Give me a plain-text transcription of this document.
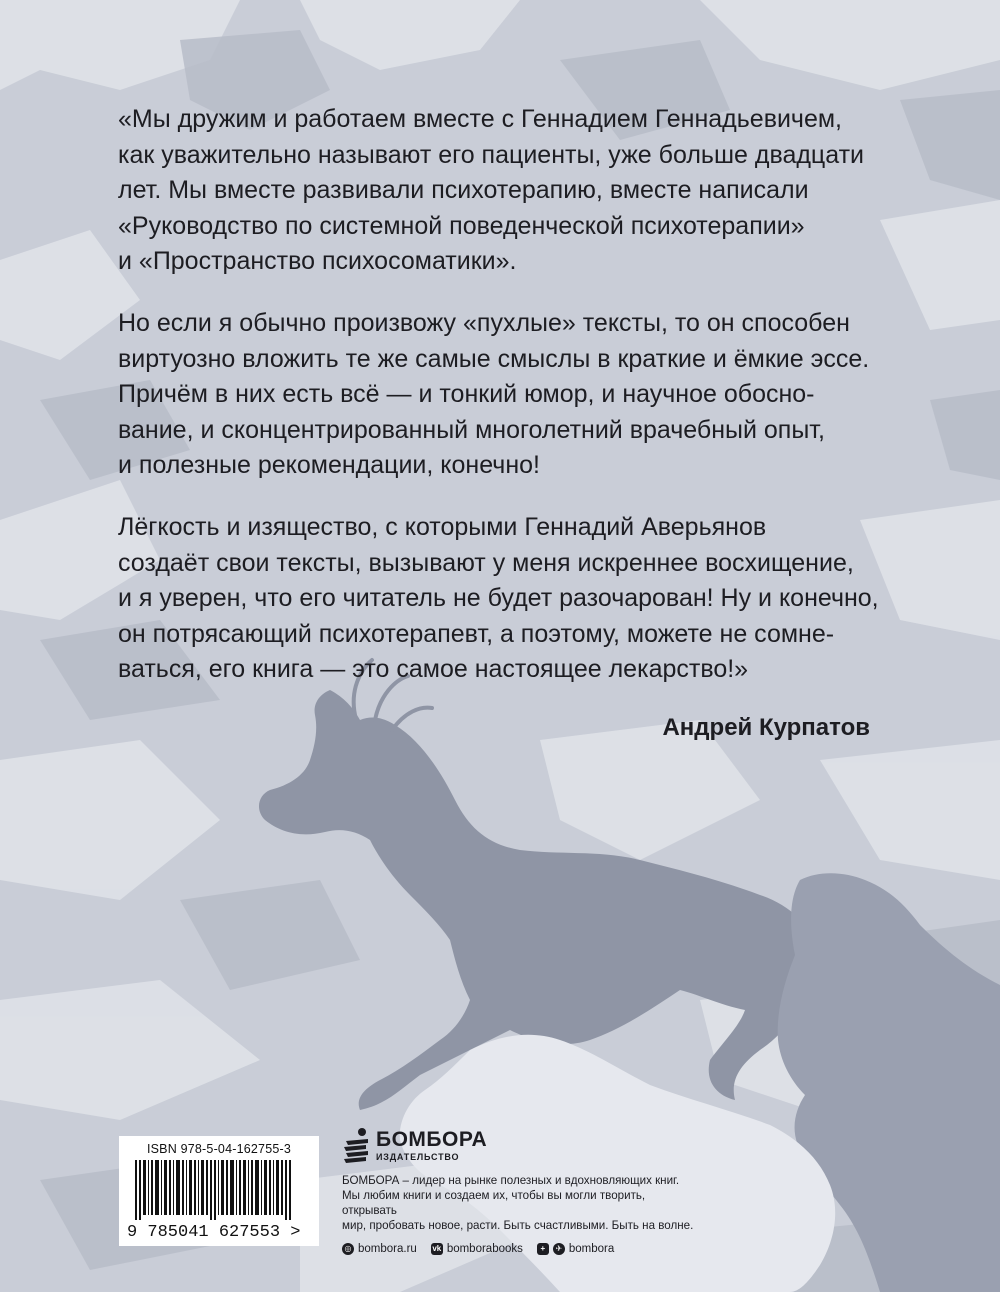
«Мы дружим и работаем вместе с Геннадием Геннадьевичем,
как уважительно называют его пациенты, уже больше двадцати
лет. Мы вместе развивали психотерапию, вместе написали
«Руководство по системной поведенческой психотерапии»
и «Пространство психосоматики».

Но если я обычно произвожу «пухлые» тексты, то он способен
виртуозно вложить те же самые смыслы в краткие и ёмкие эссе.
Причём в них есть всё — и тонкий юмор, и научное обосно-
вание, и сконцентрированный многолетний врачебный опыт,
и полезные рекомендации, конечно!

Лёгкость и изящество, с которыми Геннадий Аверьянов
создаёт свои тексты, вызывают у меня искреннее восхищение,
и я уверен, что его читатель не будет разочарован! Ну и конечно,
он потрясающий психотерапевт, а поэтому, можете не сомне-
ваться, его книга — это самое настоящее лекарство!»

Андрей Курпатов
ISBN 978-5-04-162755-3
9 785041 627553 >
БОМБОРА
ИЗДАТЕЛЬСТВО
БОМБОРА – лидер на рынке полезных и вдохновляющих книг.
Мы любим книги и создаем их, чтобы вы могли творить, открывать
мир, пробовать новое, расти. Быть счастливыми. Быть на волне.
◎ bombora.ru vk bomborabooks	+	✈ bombora
